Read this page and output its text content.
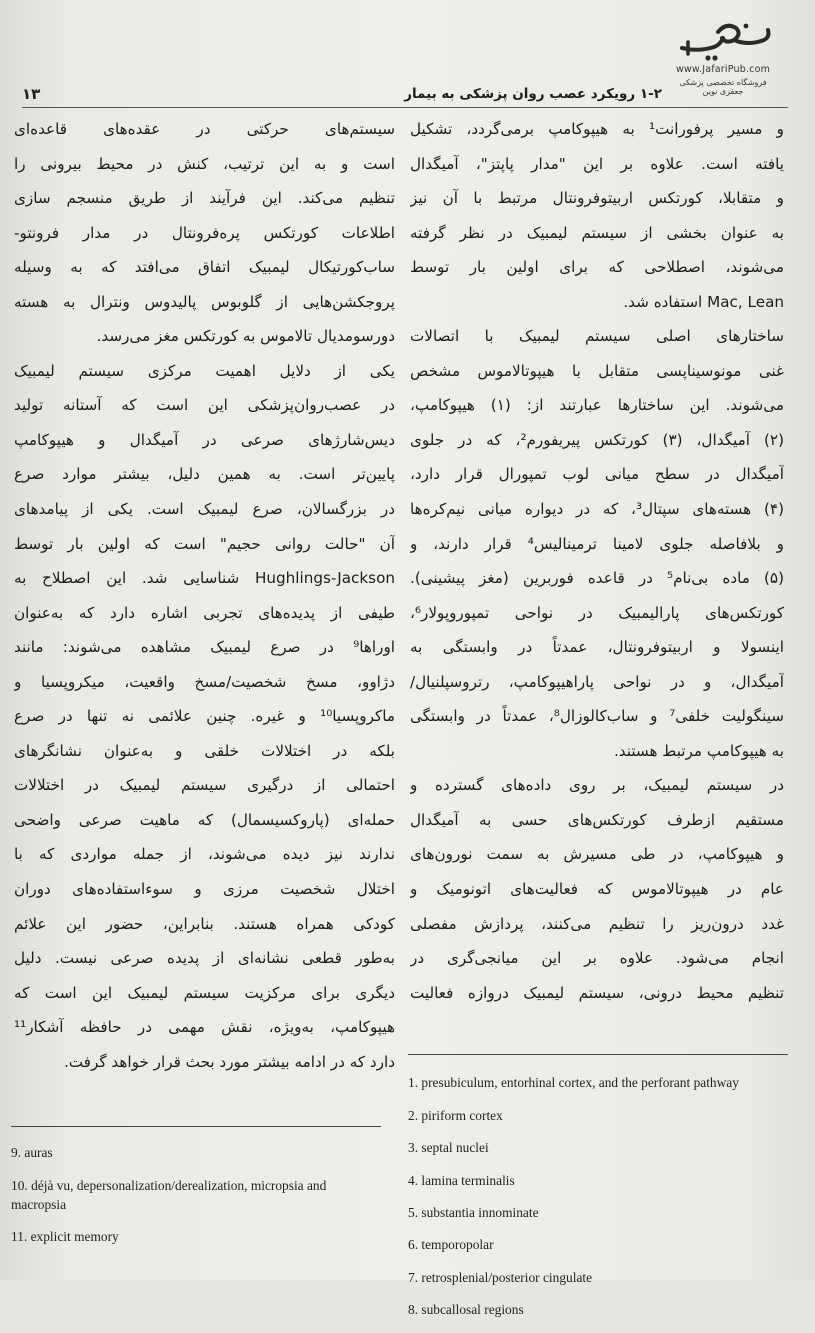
www.JafariPub.com
فروشگاه تخصصی پزشکی جعفری نوین
۱-۲ رویکرد عصب روان پزشکی به بیمار
۱۳

و مسیر پرفورانت¹ به هیپوکامپ برمی‌گردد، تشکیل

یافته است. علاوه بر این "مدار پاپتز"، آمیگدال

و متقابلا، کورتکس اربیتوفرونتال مرتبط با آن نیز

به عنوان بخشی از سیستم لیمبیک در نظر گرفته

می‌شوند، اصطلاحی که برای اولین بار توسط

Mac, Lean استفاده شد.

ساختارهای اصلی سیستم لیمبیک با اتصالات

غنی مونوسیناپسی متقابل با هیپوتالاموس مشخص

می‌شوند. این ساختارها عبارتند از: (۱) هیپوکامپ،

(۲) آمیگدال، (۳) کورتکس پیریفورم²، که در جلوی

آمیگدال در سطح میانی لوب تمپورال قرار دارد،

(۴) هسته‌های سپتال³، که در دیواره میانی نیم‌کره‌ها

و بلافاصله جلوی لامینا ترمینالیس⁴ قرار دارند، و

(۵) ماده بی‌نام⁵ در قاعده فوربرین (مغز پیشینی).

کورتکس‌های پارالیمبیک در نواحی تمپوروپولار⁶،

اینسولا و اربیتوفرونتال، عمدتاً در وابستگی به

آمیگدال، و در نواحی پاراهیپوکامپ، رتروسپلنیال/

سینگولیت خلفی⁷ و ساب‌کالوزال⁸، عمدتاً در وابستگی

به هیپوکامپ مرتبط هستند.

در سیستم لیمبیک، بر روی داده‌های گسترده و

مستقیم ازطرف کورتکس‌های حسی به آمیگدال

و هیپوکامپ، در طی مسیرش به سمت نورون‌های

عام در هیپوتالاموس که فعالیت‌های اتونومیک و

غدد درون‌ریز را تنظیم می‌کنند، پردازش مفصلی

انجام می‌شود. علاوه بر این میانجی‌گری در

تنظیم محیط درونی، سیستم لیمبیک دروازه فعالیت

سیستم‌های حرکتی در عقده‌های قاعده‌ای

است و به این ترتیب، کنش در محیط بیرونی را

تنظیم می‌کند. این فرآیند از طریق منسجم سازی

اطلاعات کورتکس پره‌فرونتال در مدار فرونتو-

ساب‌کورتیکال لیمبیک اتفاق می‌افتد که به وسیله

پروجکشن‌هایی از گلوبوس پالیدوس ونترال به هسته

دورسومدیال تالاموس به کورتکس مغز می‌رسد.

یکی از دلایل اهمیت مرکزی سیستم لیمبیک

در عصب‌روان‌پزشکی این است که آستانه تولید

دیس‌شارژهای صرعی در آمیگدال و هیپوکامپ

پایین‌تر است. به همین دلیل، بیشتر موارد صرع

در بزرگسالان، صرع لیمبیک است. یکی از پیامدهای

آن "حالت روانی حجیم" است که اولین بار توسط

Hughlings-Jackson شناسایی شد. این اصطلاح به

طیفی از پدیده‌های تجربی اشاره دارد که به‌عنوان

اوراها⁹ در صرع لیمبیک مشاهده می‌شوند: مانند

دژاوو، مسخ شخصیت/مسخ واقعیت، میکروپسیا و

ماکروپسیا¹⁰ و غیره. چنین علائمی نه تنها در صرع

بلکه در اختلالات خلقی و به‌عنوان نشانگرهای

احتمالی از درگیری سیستم لیمبیک در اختلالات

حمله‌ای (پاروکسیسمال) که ماهیت صرعی واضحی

ندارند نیز دیده می‌شوند، از جمله مواردی که با

اختلال شخصیت مرزی و سوءاستفاده‌های دوران

کودکی همراه هستند. بنابراین، حضور این علائم

به‌طور قطعی نشانه‌ای از پدیده صرعی نیست. دلیل

دیگری برای مرکزیت سیستم لیمبیک این است که

هیپوکامپ، به‌ویژه، نقش مهمی در حافظه آشکار¹¹

دارد که در ادامه بیشتر مورد بحث قرار خواهد گرفت.

1. presubiculum, entorhinal cortex, and the perforant pathway

2. piriform cortex

3. septal nuclei

4. lamina terminalis

5. substantia innominate

6. temporopolar

7. retrosplenial/posterior cingulate

8. subcallosal regions

9. auras

10. déjà vu, depersonalization/derealization, micropsia and macropsia

11. explicit memory
